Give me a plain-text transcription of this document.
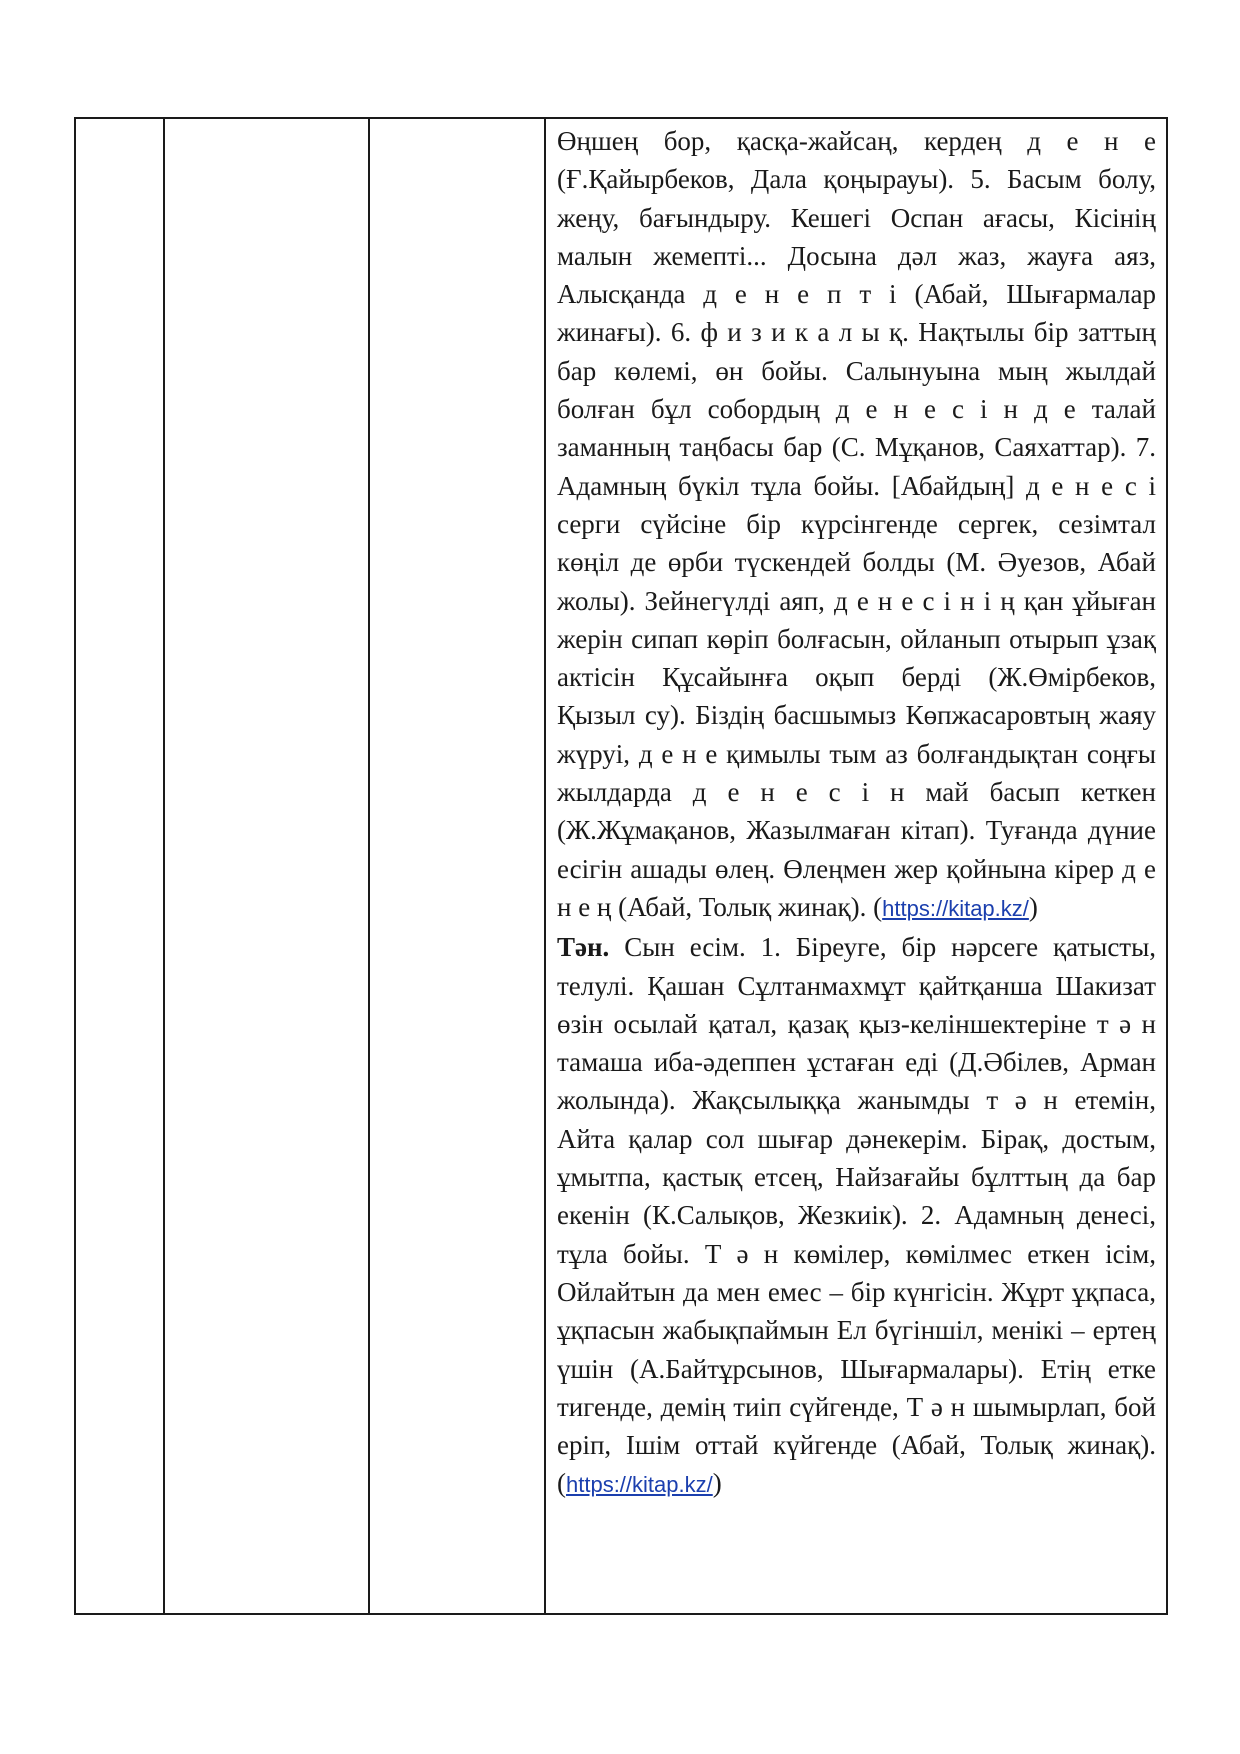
Өңшең бор, қасқа-жайсаң, кердең д е н е (Ғ.Қайырбеков, Дала қоңырауы). 5. Басым болу, жеңу, бағындыру. Кешегі Оспан ағасы, Кісінің малын жемепті... Досына дәл жаз, жауға аяз, Алысқанда д е н е п т і (Абай, Шығармалар жинағы). 6. ф и з и к а л ы қ. Нақтылы бір заттың бар көлемі, өн бойы. Салынуына мың жылдай болған бұл собордың д е н е с і н д е талай заманның таңбасы бар (С. Мұқанов, Саяхаттар). 7. Адамның бүкіл тұла бойы. [Абайдың] д е н е с і серги сүйсіне бір күрсінгенде сергек, сезімтал көңіл де өрби түскендей болды (М. Әуезов, Абай жолы). Зейнегүлді аяп, д е н е с і н і ң қан ұйыған жерін сипап көріп болғасын, ойланып отырып ұзақ актісін Құсайынға оқып берді (Ж.Өмірбеков, Қызыл су). Біздің басшымыз Көпжасаровтың жаяу жүруі, д е н е қимылы тым аз болғандықтан соңғы жылдарда д е н е с і н май басып кеткен (Ж.Жұмақанов, Жазылмаған кітап). Туғанда дүние есігін ашады өлең. Өлеңмен жер қойнына кірер д е н е ң (Абай, Толық жинақ). (https://kitap.kz/)

Тән. Сын есім. 1. Біреуге, бір нәрсеге қатысты, телулі. Қашан Сұлтанмахмұт қайтқанша Шакизат өзін осылай қатал, қазақ қыз-келіншектеріне т ә н тамаша иба-әдеппен ұстаған еді (Д.Әбілев, Арман жолында). Жақсылыққа жанымды т ә н етемін, Айта қалар сол шығар дәнекерім. Бірақ, достым, ұмытпа, қастық етсең, Найзағайы бұлттың да бар екенін (К.Салықов, Жезкиік). 2. Адамның денесі, тұла бойы. Т ә н көмілер, көмілмес еткен ісім, Ойлайтын да мен емес – бір күнгісін. Жұрт ұқпаса, ұқпасын жабықпаймын Ел бүгіншіл, менікі – ертең үшін (А.Байтұрсынов, Шығармалары). Етің етке тигенде, демің тиіп сүйгенде, Т ә н шымырлап, бой еріп, Ішім оттай күйгенде (Абай, Толық жинақ). (https://kitap.kz/)
